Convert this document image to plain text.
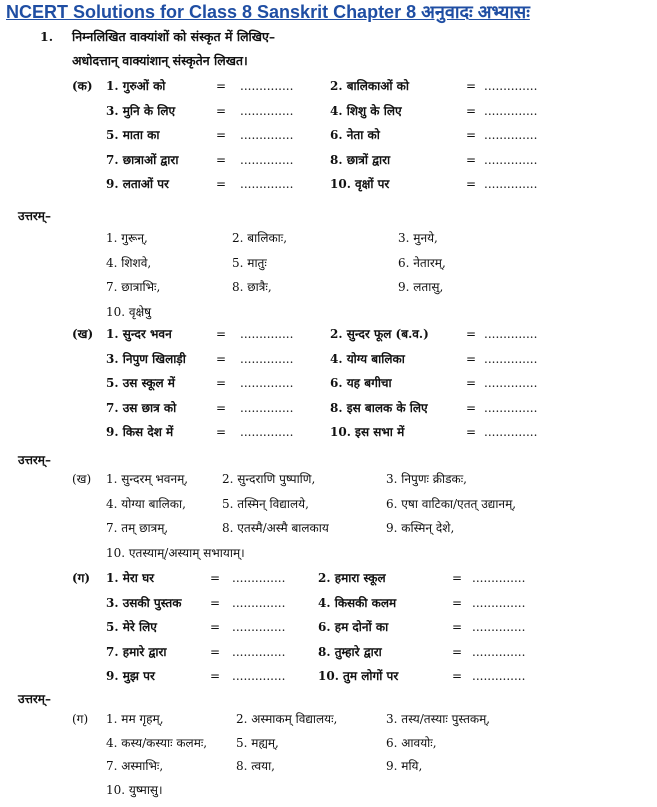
NCERT Solutions for Class 8 Sanskrit Chapter 8 अनुवादः अभ्यासः
1. निम्नलिखित वाक्यांशों को संस्कृत में लिखिए–
अधोदत्तान् वाक्यांशान् संस्कृतेन लिखत।
(क) 1. गुरुओं को	= ..............	2. बालिकाओं को	= ..............
3. मुनि के लिए	= ..............	4. शिशु के लिए	= ..............
5. माता का	= ..............	6. नेता को	= ..............
7. छात्राओं द्वारा	= ..............	8. छात्रों द्वारा	= ..............
9. लताओं पर	= ..............	10. वृक्षों पर	= ..............
उत्तरम्–
1. गुरून्,	2. बालिकाः,	3. मुनये,
4. शिशवे,	5. मातुः	6. नेतारम्,
7. छात्राभिः,	8. छात्रैः,	9. लतासु,
10. वृक्षेषु
(ख) 1. सुन्दर भवन	= ..............	2. सुन्दर फूल (ब.व.)	= ..............
3. निपुण खिलाड़ी	= ..............	4. योग्य बालिका	= ..............
5. उस स्कूल में	= ..............	6. यह बगीचा	= ..............
7. उस छात्र को	= ..............	8. इस बालक के लिए	= ..............
9. किस देश में	= ..............	10. इस सभा में	= ..............
उत्तरम्–
(ख) 1. सुन्दरम् भवनम्,	2. सुन्दराणि पुष्पाणि,	3. निपुणः क्रीडकः,
4. योग्या बालिका,	5. तस्मिन् विद्यालये,	6. एषा वाटिका/एतत् उद्यानम्,
7. तम् छात्रम्,	8. एतस्मै/अस्मै बालकाय	9. कस्मिन् देशे,
10. एतस्याम्/अस्याम् सभायाम्।
(ग) 1. मेरा घर	= ..............	2. हमारा स्कूल	= ..............
3. उसकी पुस्तक = ..............	4. किसकी कलम	= ..............
5. मेरे लिए	= ..............	6. हम दोनों का	= ..............
7. हमारे द्वारा	= ..............	8. तुम्हारे द्वारा	= ..............
9. मुझ पर	= ..............	10. तुम लोगों पर	= ..............
उत्तरम्–
(ग) 1. मम गृहम्,	2. अस्माकम् विद्यालयः,	3. तस्य/तस्याः पुस्तकम्,
4. कस्य/कस्याः कलमः, 5. मह्यम्,	6. आवयोः,
7. अस्माभिः,	8. त्वया,	9. मयि,
10. युष्मासु।
